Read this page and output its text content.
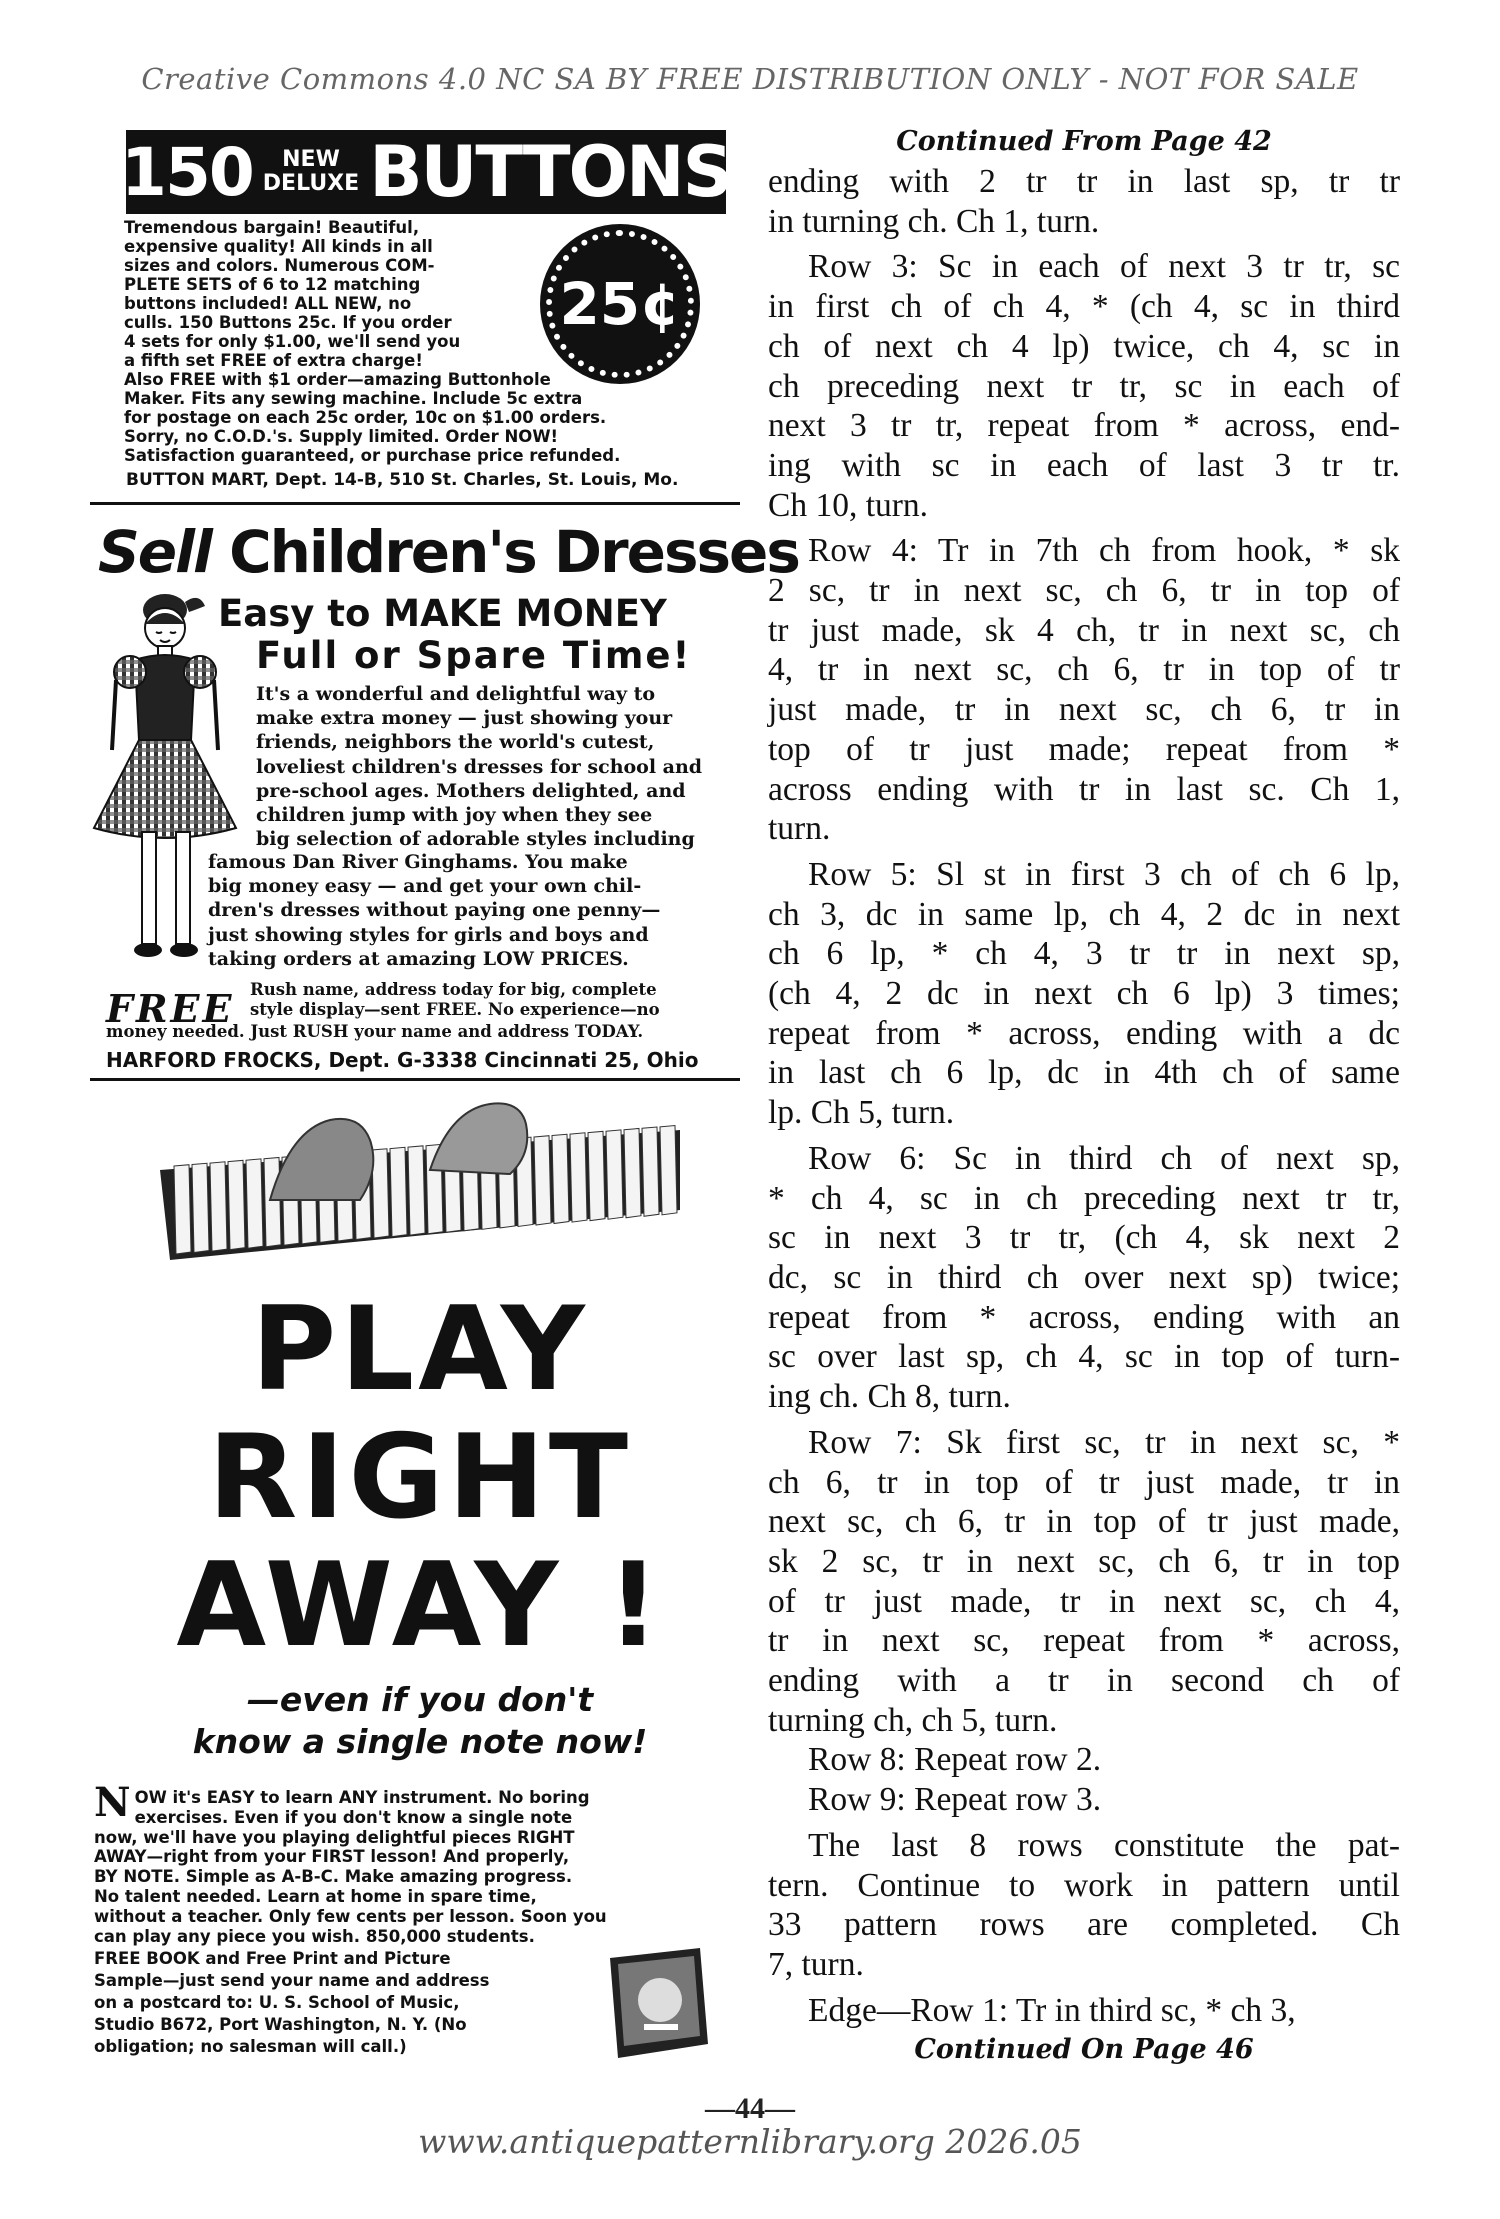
Creative Commons 4.0 NC SA BY FREE DISTRIBUTION ONLY - NOT FOR SALE
150	NEW
DELUXE BUTTONS
Tremendous bargain! Beautiful,
expensive quality! All kinds in all
sizes and colors. Numerous COM-
PLETE SETS of 6 to 12 matching
buttons included! ALL NEW, no
culls. 150 Buttons 25c. If you order
4 sets for only $1.00, we'll send you
a fifth set FREE of extra charge!
Also FREE with $1 order—amazing Buttonhole
Maker. Fits any sewing machine. Include 5c extra
for postage on each 25c order, 10c on $1.00 orders.
Sorry, no C.O.D.'s. Supply limited. Order NOW!
Satisfaction guaranteed, or purchase price refunded.
25¢
BUTTON MART, Dept. 14-B, 510 St. Charles, St. Louis, Mo.
Sell Children's Dresses
Easy to MAKE MONEY
Full or Spare Time!
It's a wonderful and delightful way to
make extra money — just showing your
friends, neighbors the world's cutest,
loveliest children's dresses for school and
pre-school ages. Mothers delighted, and
children jump with joy when they see
big selection of adorable styles including
famous Dan River Ginghams. You make
big money easy — and get your own chil-
dren's dresses without paying one penny—
just showing styles for girls and boys and
taking orders at amazing LOW PRICES.
FREE Rush name, address today for big, complete
style display—sent FREE. No experience—no
money needed. Just RUSH your name and address TODAY.
HARFORD FROCKS, Dept. G-3338 Cincinnati 25, Ohio
PLAY
RIGHT
AWAY !
—even if you don't
know a single note now!
N OW it's EASY to learn ANY instrument. No boring
exercises. Even if you don't know a single note
now, we'll have you playing delightful pieces RIGHT
AWAY—right from your FIRST lesson! And properly,
BY NOTE. Simple as A-B-C. Make amazing progress.
No talent needed. Learn at home in spare time,
without a teacher. Only few cents per lesson. Soon you
can play any piece you wish. 850,000 students.
FREE BOOK and Free Print and Picture
Sample—just send your name and address
on a postcard to: U. S. School of Music,
Studio B672, Port Washington, N. Y. (No
obligation; no salesman will call.)
Continued From Page 42
ending with 2 tr tr in last sp, tr tr
in turning ch. Ch 1, turn.
Row 3: Sc in each of next 3 tr tr, sc
in first ch of ch 4, * (ch 4, sc in third
ch of next ch 4 lp) twice, ch 4, sc in
ch preceding next tr tr, sc in each of
next 3 tr tr, repeat from * across, end-
ing with sc in each of last 3 tr tr.
Ch 10, turn.
Row 4: Tr in 7th ch from hook, * sk
2 sc, tr in next sc, ch 6, tr in top of
tr just made, sk 4 ch, tr in next sc, ch
4, tr in next sc, ch 6, tr in top of tr
just made, tr in next sc, ch 6, tr in
top of tr just made; repeat from *
across ending with tr in last sc. Ch 1,
turn.
Row 5: Sl st in first 3 ch of ch 6 lp,
ch 3, dc in same lp, ch 4, 2 dc in next
ch 6 lp, * ch 4, 3 tr tr in next sp,
(ch 4, 2 dc in next ch 6 lp) 3 times;
repeat from * across, ending with a dc
in last ch 6 lp, dc in 4th ch of same
lp. Ch 5, turn.
Row 6: Sc in third ch of next sp,
* ch 4, sc in ch preceding next tr tr,
sc in next 3 tr tr, (ch 4, sk next 2
dc, sc in third ch over next sp) twice;
repeat from * across, ending with an
sc over last sp, ch 4, sc in top of turn-
ing ch. Ch 8, turn.
Row 7: Sk first sc, tr in next sc, *
ch 6, tr in top of tr just made, tr in
next sc, ch 6, tr in top of tr just made,
sk 2 sc, tr in next sc, ch 6, tr in top
of tr just made, tr in next sc, ch 4,
tr in next sc, repeat from * across,
ending with a tr in second ch of
turning ch, ch 5, turn.
Row 8: Repeat row 2.
Row 9: Repeat row 3.
The last 8 rows constitute the pat-
tern. Continue to work in pattern until
33 pattern rows are completed. Ch
7, turn.
Edge—Row 1: Tr in third sc, * ch 3,
Continued On Page 46
—44—
www.antiquepatternlibrary.org 2026.05
